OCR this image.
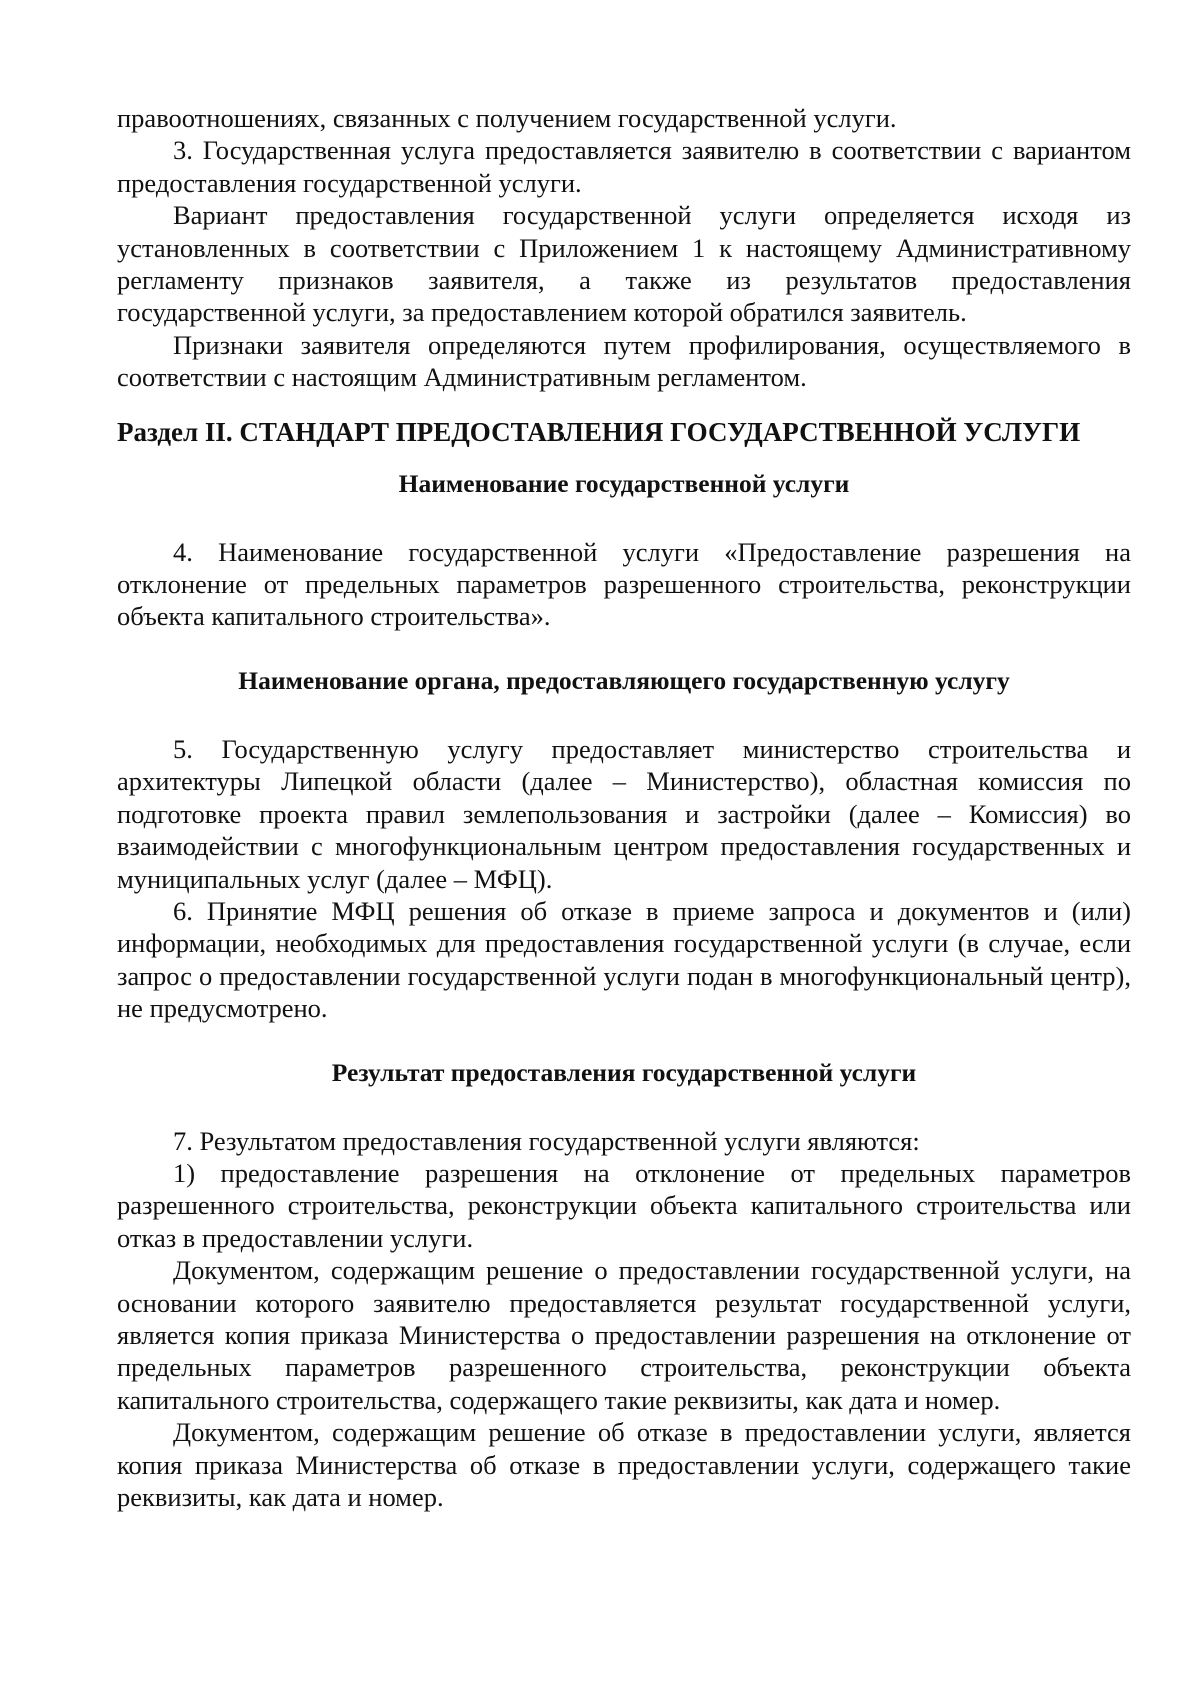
правоотношениях, связанных с получением государственной услуги.

3. Государственная услуга предоставляется заявителю в соответствии с вариантом предоставления государственной услуги.

Вариант предоставления государственной услуги определяется исходя из установленных в соответствии с Приложением 1 к настоящему Административному регламенту признаков заявителя, а также из результатов предоставления государственной услуги, за предоставлением которой обратился заявитель.

Признаки заявителя определяются путем профилирования, осуществляемого в соответствии с настоящим Административным регламентом.

Раздел II. СТАНДАРТ ПРЕДОСТАВЛЕНИЯ ГОСУДАРСТВЕННОЙ УСЛУГИ

Наименование государственной услуги

4. Наименование государственной услуги «Предоставление разрешения на отклонение от предельных параметров разрешенного строительства, реконструкции объекта капитального строительства».

Наименование органа, предоставляющего государственную услугу

5. Государственную услугу предоставляет министерство строительства и архитектуры Липецкой области (далее – Министерство), областная комиссия по подготовке проекта правил землепользования и застройки (далее – Комиссия) во взаимодействии с многофункциональным центром предоставления государственных и муниципальных услуг (далее – МФЦ).

6. Принятие МФЦ решения об отказе в приеме запроса и документов и (или) информации, необходимых для предоставления государственной услуги (в случае, если запрос о предоставлении государственной услуги подан в многофункциональный центр), не предусмотрено.

Результат предоставления государственной услуги

7. Результатом предоставления государственной услуги являются:

1) предоставление разрешения на отклонение от предельных параметров разрешенного строительства, реконструкции объекта капитального строительства или отказ в предоставлении услуги.

Документом, содержащим решение о предоставлении государственной услуги, на основании которого заявителю предоставляется результат государственной услуги, является копия приказа Министерства о предоставлении разрешения на отклонение от предельных параметров разрешенного строительства, реконструкции объекта капитального строительства, содержащего такие реквизиты, как дата и номер.

Документом, содержащим решение об отказе в предоставлении услуги, является копия приказа Министерства об отказе в предоставлении услуги, содержащего такие реквизиты, как дата и номер.
